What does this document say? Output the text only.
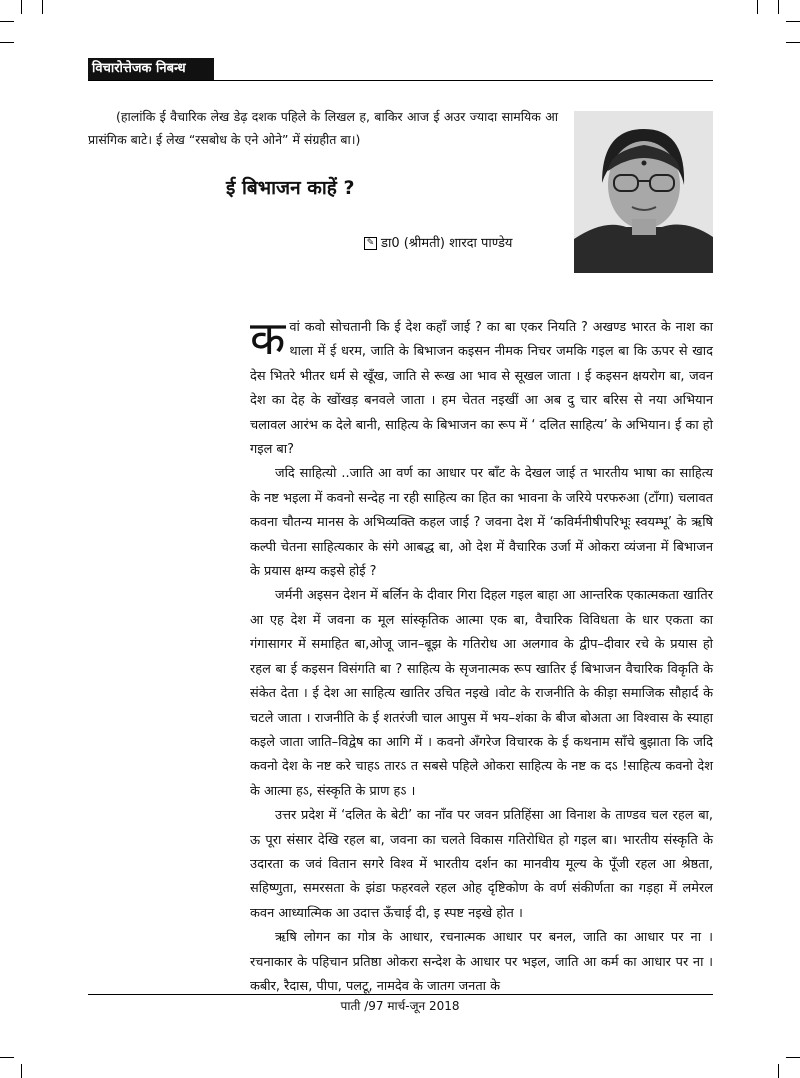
विचारोत्तेजक निबन्ध
(हालांकि ई वैचारिक लेख डेढ़ दशक पहिले के लिखल ह, बाकिर आज ई अउर ज्यादा सामयिक आ प्रासंगिक बाटे। ई लेख “रसबोध के एने ओने” में संग्रहीत बा।)
ई बिभाजन काहें ?
✎ डा0 (श्रीमती) शारदा पाण्डेय

कवां कवो सोचतानी कि ई देश कहाँ जाई ? का बा एकर नियति ? अखण्ड भारत के नाश का थाला में ई धरम, जाति के बिभाजन कइसन नीमक निचर जमकि गइल बा कि ऊपर से खाद देस भितरे भीतर धर्म से खूँख, जाति से रूख आ भाव से सूखल जाता । ई कइसन क्षयरोग बा, जवन देश का देह के खोंखड़ बनवले जाता । हम चेतत नइखीं आ अब दु चार बरिस से नया अभियान चलावल आरंभ क देले बानी, साहित्य के बिभाजन का रूप में ‘ दलित साहित्य’ के अभियान। ई का हो गइल बा?

जदि साहित्यो ..जाति आ वर्ण का आधार पर बाँट के देखल जाई त भारतीय भाषा का साहित्य के नष्ट भइला में कवनो सन्देह ना रही साहित्य का हित का भावना के जरिये परफरुआ (टाँगा) चलावत कवना चौतन्य मानस के अभिव्यक्ति कहल जाई ? जवना देश में ‘कविर्मनीषीपरिभूः स्वयम्भू’ के ऋषि कल्पी चेतना साहित्यकार के संगे आबद्ध बा, ओ देश में वैचारिक उर्जा में ओकरा व्यंजना में बिभाजन के प्रयास क्षम्य कइसे होई ?

जर्मनी अइसन देशन में बर्लिन के दीवार गिरा दिहल गइल बाहा आ आन्तरिक एकात्मकता खातिर आ एह देश में जवना क मूल सांस्कृतिक आत्मा एक बा, वैचारिक विविधता के धार एकता का गंगासागर में समाहित बा,ओजू जान–बूझ के गतिरोध आ अलगाव के द्वीप–दीवार रचे के प्रयास हो रहल बा ई कइसन विसंगति बा ? साहित्य के सृजनात्मक रूप खातिर ई बिभाजन वैचारिक विकृति के संकेत देता । ई देश आ साहित्य खातिर उचित नइखे ।वोट के राजनीति के कीड़ा समाजिक सौहार्द के चटले जाता । राजनीति के ई शतरंजी चाल आपुस में भय–शंका के बीज बोअता आ विश्वास के स्याहा कइले जाता जाति–विद्वेष का आगि में । कवनो अँगरेज विचारक के ई कथनाम साँचे बुझाता कि जदि कवनो देश के नष्ट करे चाहऽ तारऽ त सबसे पहिले ओकरा साहित्य के नष्ट क दऽ !साहित्य कवनो देश के आत्मा हऽ, संस्कृति के प्राण हऽ ।

उत्तर प्रदेश में ‘दलित के बेटी’ का नाँव पर जवन प्रतिहिंसा आ विनाश के ताण्डव चल रहल बा, ऊ पूरा संसार देखि रहल बा, जवना का चलते विकास गतिरोधित हो गइल बा। भारतीय संस्कृति के उदारता क जवं वितान सगरे विश्व में भारतीय दर्शन का मानवीय मूल्य के पूँजी रहल आ श्रेष्ठता, सहिष्णुता, समरसता के झंडा फहरवले रहल ओह दृष्टिकोण के वर्ण संकीर्णता का गड़हा में लमेरल कवन आध्यात्मिक आ उदात्त ऊँचाई दी, इ स्पष्ट नइखे होत ।

ऋषि लोगन का गोत्र के आधार, रचनात्मक आधार पर बनल, जाति का आधार पर ना । रचनाकार के पहिचान प्रतिष्ठा ओकरा सन्देश के आधार पर भइल, जाति आ कर्म का आधार पर ना । कबीर, रैदास, पीपा, पलटू, नामदेव के जातग जनता के

पाती /97 मार्च-जून 2018
